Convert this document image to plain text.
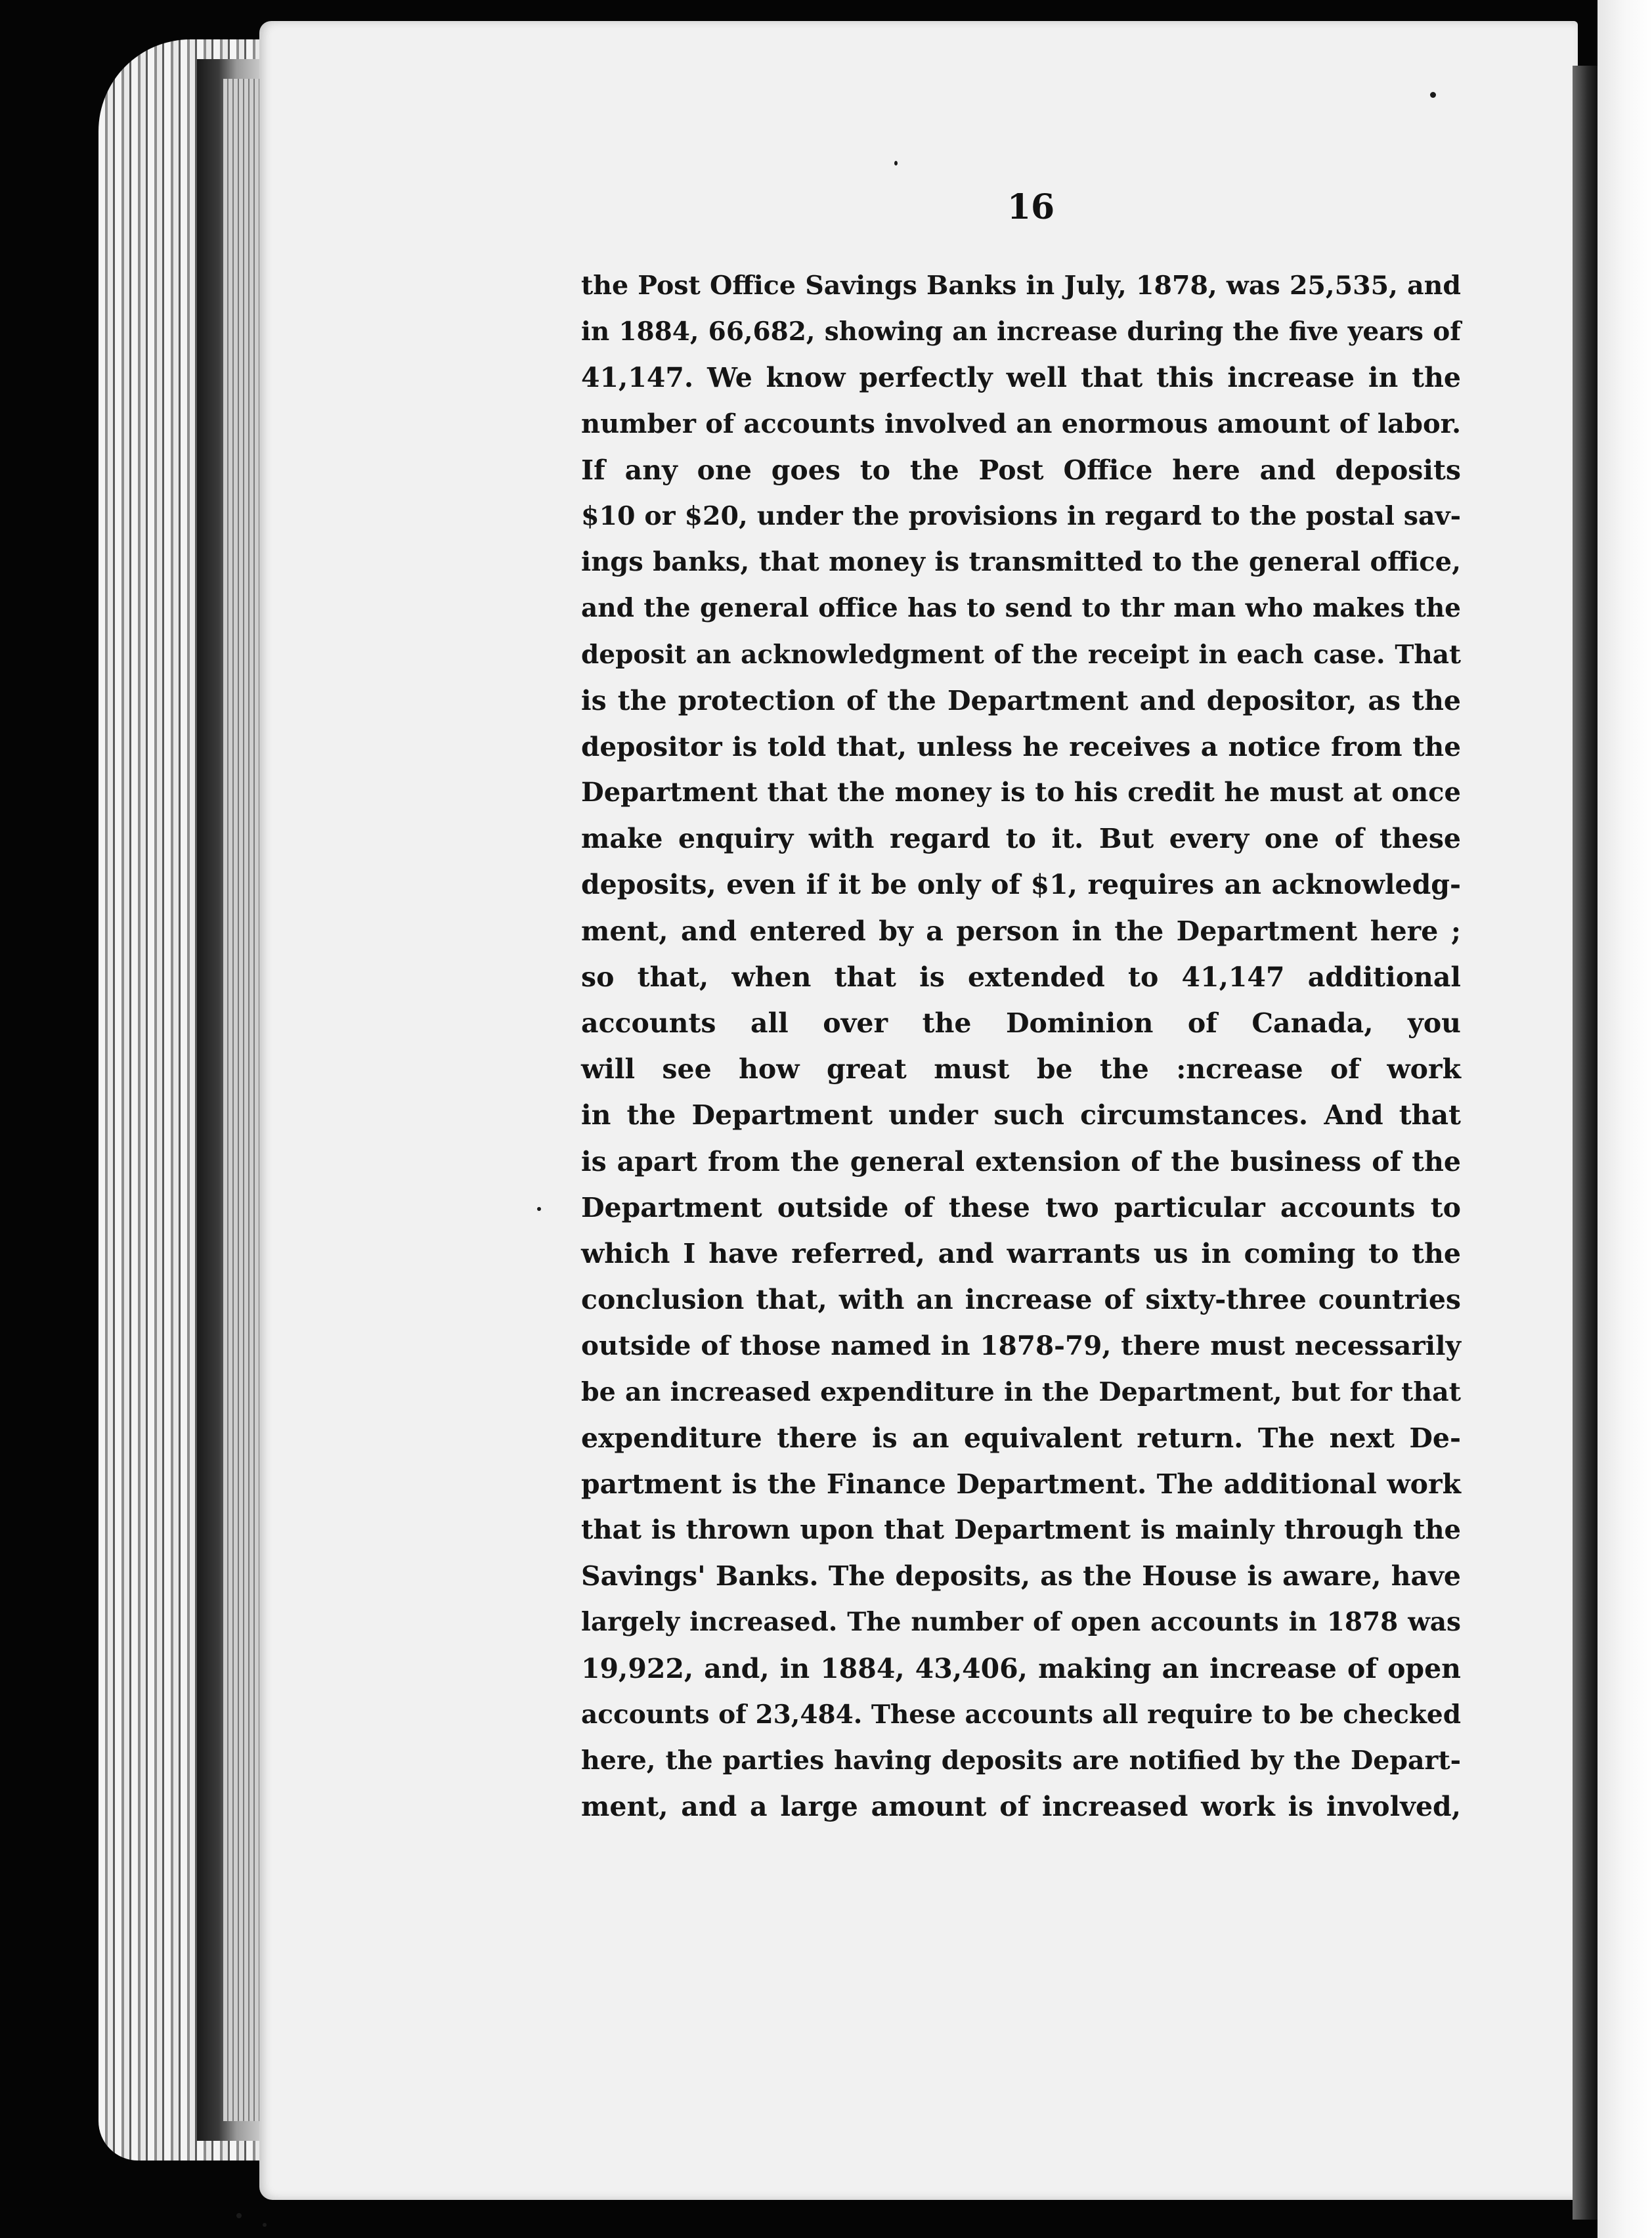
16
the Post Office Savings Banks in July, 1878, was 25,535, and
in 1884, 66,682, showing an increase during the five years of
41,147. We know perfectly well that this increase in the
number of accounts involved an enormous amount of labor.
If any one goes to the Post Office here and deposits
$10 or $20, under the provisions in regard to the postal sav-
ings banks, that money is transmitted to the general office,
and the general office has to send to thr man who makes the
deposit an acknowledgment of the receipt in each case. That
is the protection of the Department and depositor, as the
depositor is told that, unless he receives a notice from the
Department that the money is to his credit he must at once
make enquiry with regard to it. But every one of these
deposits, even if it be only of $1, requires an acknowledg-
ment, and entered by a person in the Department here ;
so that, when that is extended to 41,147 additional
accounts all over the Dominion of Canada, you
will see how great must be the :ncrease of work
in the Department under such circumstances. And that
is apart from the general extension of the business of the
Department outside of these two particular accounts to
which I have referred, and warrants us in coming to the
conclusion that, with an increase of sixty-three countries
outside of those named in 1878-79, there must necessarily
be an increased expenditure in the Department, but for that
expenditure there is an equivalent return. The next De-
partment is the Finance Department. The additional work
that is thrown upon that Department is mainly through the
Savings' Banks. The deposits, as the House is aware, have
largely increased. The number of open accounts in 1878 was
19,922, and, in 1884, 43,406, making an increase of open
accounts of 23,484. These accounts all require to be checked
here, the parties having deposits are notified by the Depart-
ment, and a large amount of increased work is involved,
